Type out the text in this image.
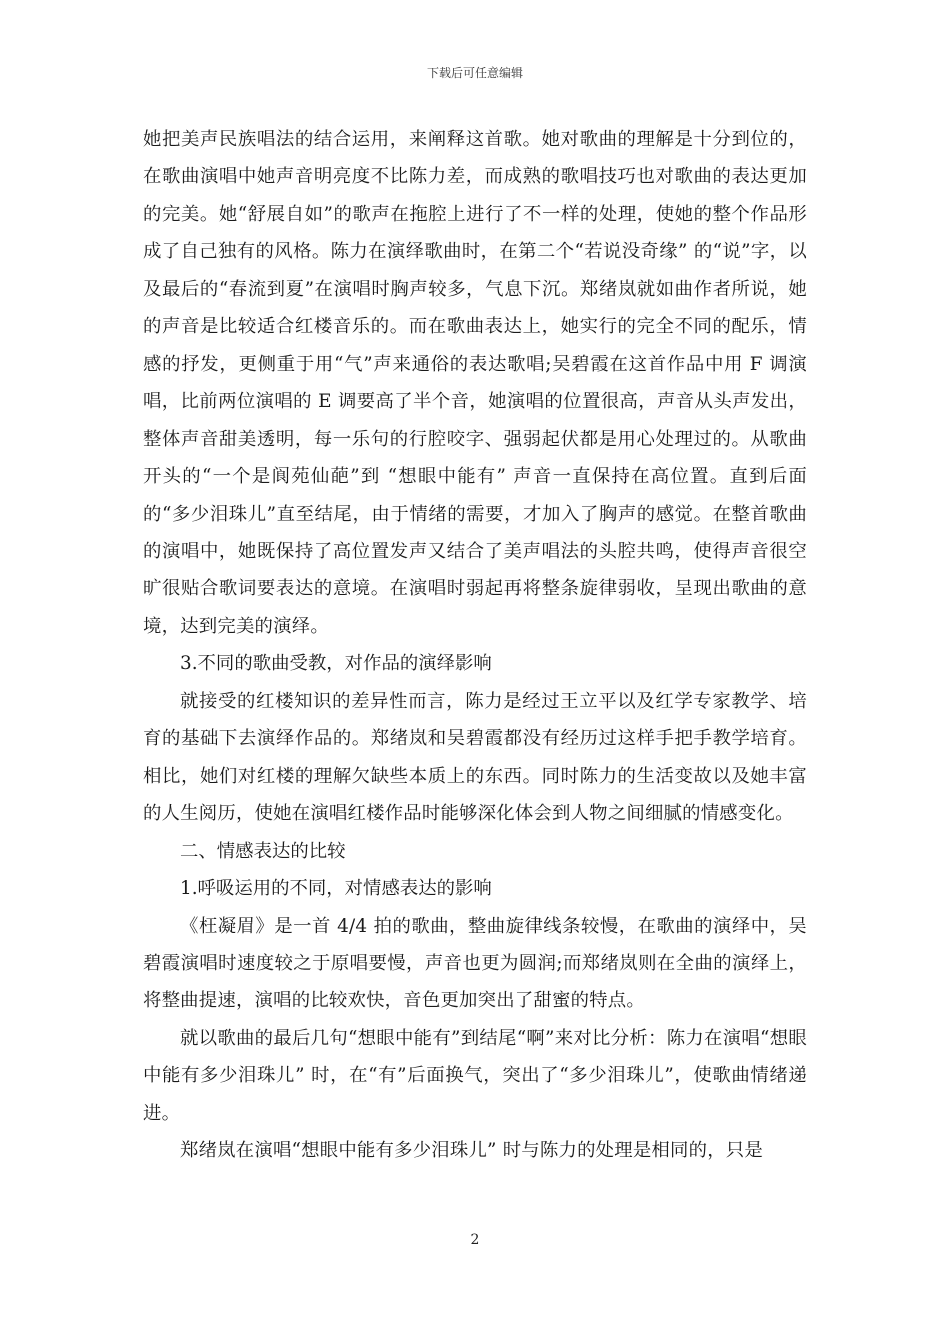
下载后可任意编辑

她把美声民族唱法的结合运用，来阐释这首歌。她对歌曲的理解是十分到位的，在歌曲演唱中她声音明亮度不比陈力差，而成熟的歌唱技巧也对歌曲的表达更加的完美。她“舒展自如”的歌声在拖腔上进行了不一样的处理，使她的整个作品形成了自己独有的风格。陈力在演绎歌曲时，在第二个“若说没奇缘” 的“说”字，以及最后的“春流到夏”在演唱时胸声较多，气息下沉。郑绪岚就如曲作者所说，她的声音是比较适合红楼音乐的。而在歌曲表达上，她实行的完全不同的配乐，情感的抒发，更侧重于用“气”声来通俗的表达歌唱;吴碧霞在这首作品中用 F 调演唱，比前两位演唱的 E 调要高了半个音，她演唱的位置很高，声音从头声发出，整体声音甜美透明，每一乐句的行腔咬字、强弱起伏都是用心处理过的。从歌曲开头的“一个是阆苑仙葩”到 “想眼中能有” 声音一直保持在高位置。直到后面的“多少泪珠儿”直至结尾，由于情绪的需要，才加入了胸声的感觉。在整首歌曲的演唱中，她既保持了高位置发声又结合了美声唱法的头腔共鸣，使得声音很空旷很贴合歌词要表达的意境。在演唱时弱起再将整条旋律弱收，呈现出歌曲的意境，达到完美的演绎。

3.不同的歌曲受教，对作品的演绎影响

就接受的红楼知识的差异性而言，陈力是经过王立平以及红学专家教学、培育的基础下去演绎作品的。郑绪岚和吴碧霞都没有经历过这样手把手教学培育。相比，她们对红楼的理解欠缺些本质上的东西。同时陈力的生活变故以及她丰富的人生阅历，使她在演唱红楼作品时能够深化体会到人物之间细腻的情感变化。

二、情感表达的比较

1.呼吸运用的不同，对情感表达的影响

《枉凝眉》是一首 4/4 拍的歌曲，整曲旋律线条较慢，在歌曲的演绎中，吴碧霞演唱时速度较之于原唱要慢，声音也更为圆润;而郑绪岚则在全曲的演绎上，将整曲提速，演唱的比较欢快，音色更加突出了甜蜜的特点。

就以歌曲的最后几句“想眼中能有”到结尾“啊”来对比分析：陈力在演唱“想眼中能有多少泪珠儿” 时，在“有”后面换气，突出了“多少泪珠儿”，使歌曲情绪递进。

郑绪岚在演唱“想眼中能有多少泪珠儿” 时与陈力的处理是相同的，只是

2
